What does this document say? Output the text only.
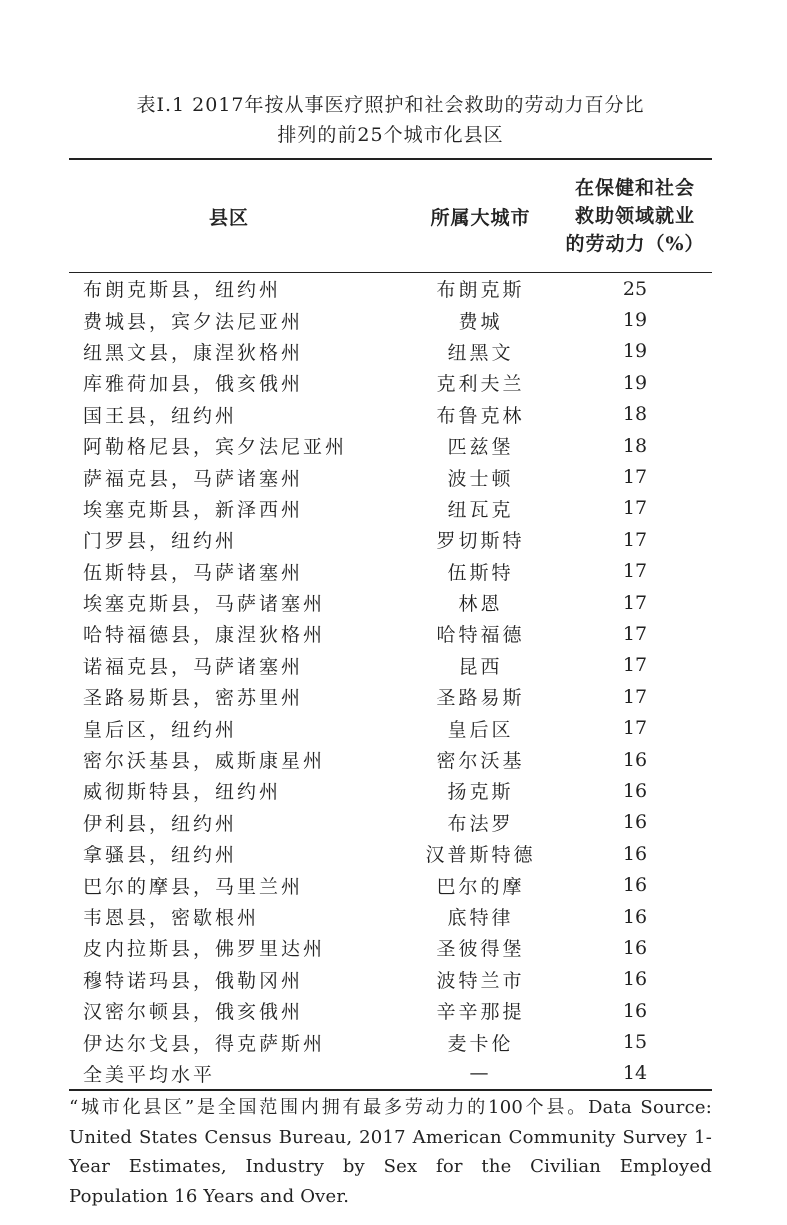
表Ⅰ.1 2017年按从事医疗照护和社会救助的劳动力百分比
排列的前25个城市化县区
县区	所属大城市	在保健和社会
救助领域就业
的劳动力（%）

布朗克斯县，纽约州	布朗克斯	25
费城县，宾夕法尼亚州	费城	19
纽黑文县，康涅狄格州	纽黑文	19
库雅荷加县，俄亥俄州	克利夫兰	19
国王县，纽约州	布鲁克林	18
阿勒格尼县，宾夕法尼亚州	匹兹堡	18
萨福克县，马萨诸塞州	波士顿	17
埃塞克斯县，新泽西州	纽瓦克	17
门罗县，纽约州	罗切斯特	17
伍斯特县，马萨诸塞州	伍斯特	17
埃塞克斯县，马萨诸塞州	林恩	17
哈特福德县，康涅狄格州	哈特福德	17
诺福克县，马萨诸塞州	昆西	17
圣路易斯县，密苏里州	圣路易斯	17
皇后区，纽约州	皇后区	17
密尔沃基县，威斯康星州	密尔沃基	16
威彻斯特县，纽约州	扬克斯	16
伊利县，纽约州	布法罗	16
拿骚县，纽约州	汉普斯特德	16
巴尔的摩县，马里兰州	巴尔的摩	16
韦恩县，密歇根州	底特律	16
皮内拉斯县，佛罗里达州	圣彼得堡	16
穆特诺玛县，俄勒冈州	波特兰市	16
汉密尔顿县，俄亥俄州	辛辛那提	16
伊达尔戈县，得克萨斯州	麦卡伦	15
全美平均水平	—	14
“城市化县区”是全国范围内拥有最多劳动力的100个县。Data Source: United States Census Bureau, 2017 American Community Survey 1-Year Estimates, Industry by Sex for the Civilian Employed Population 16 Years and Over.
